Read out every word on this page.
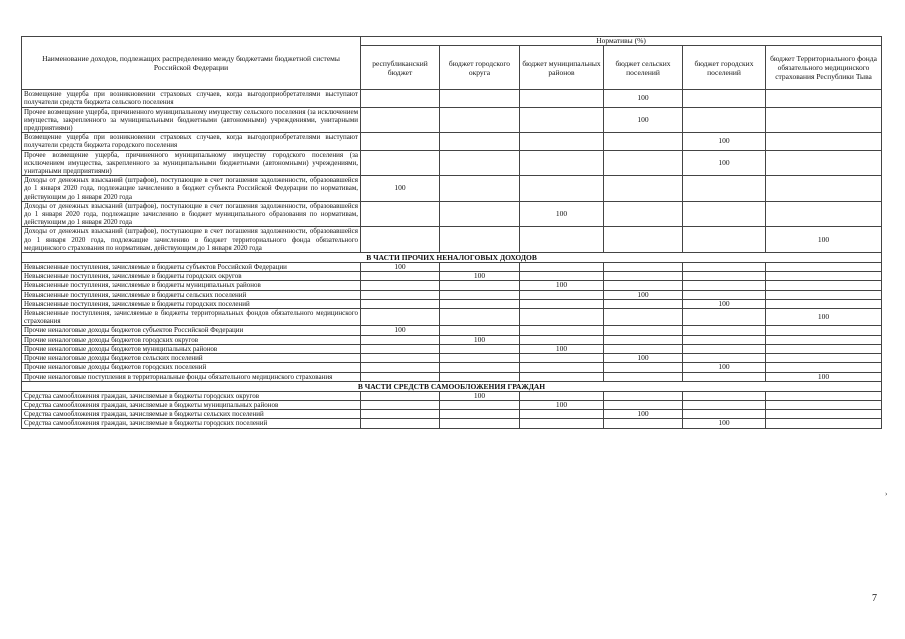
Наименование доходов, подлежащих распределению между бюджетами бюджетной системы Российской Федерации	Нормативы (%)					
	республиканский бюджет	бюджет городского округа	бюджет муниципальных районов	бюджет сельских поселений	бюджет городских поселений	бюджет Территориального фонда обязательного медицинского страхования Республики Тыва
Возмещение ущерба при возникновении страховых случаев, когда выгодоприобретателями выступают получатели средств бюджета сельского поселения				100		
Прочее возмещение ущерба, причиненного муниципальному имуществу сельского поселения (за исключением имущества, закрепленного за муниципальными бюджетными (автономными) учреждениями, унитарными предприятиями)				100		
Возмещение ущерба при возникновении страховых случаев, когда выгодоприобретателями выступают получатели средств бюджета городского поселения					100	
Прочее возмещение ущерба, причиненного муниципальному имуществу городского поселения (за исключением имущества, закрепленного за муниципальными бюджетными (автономными) учреждениями, унитарными предприятиями)					100	
Доходы от денежных взысканий (штрафов), поступающие в счет погашения задолженности, образовавшейся до 1 января 2020 года, подлежащие зачислению в бюджет субъекта Российской Федерации по нормативам, действующим до 1 января 2020 года	100					
Доходы от денежных взысканий (штрафов), поступающие в счет погашения задолженности, образовавшейся до 1 января 2020 года, подлежащие зачислению в бюджет муниципального образования по нормативам, действующим до 1 января 2020 года			100			
Доходы от денежных взысканий (штрафов), поступающие в счет погашения задолженности, образовавшейся до 1 января 2020 года, подлежащие зачислению в бюджет территориального фонда обязательного медицинского страхования по нормативам, действующим до 1 января 2020 года						100
В ЧАСТИ ПРОЧИХ НЕНАЛОГОВЫХ ДОХОДОВ						
Невыясненные поступления, зачисляемые в бюджеты субъектов Российской Федерации	100					
Невыясненные поступления, зачисляемые в бюджеты городских округов		100				
Невыясненные поступления, зачисляемые в бюджеты муниципальных районов			100			
Невыясненные поступления, зачисляемые в бюджеты сельских поселений				100		
Невыясненные поступления, зачисляемые в бюджеты городских поселений					100	
Невыясненные поступления, зачисляемые в бюджеты территориальных фондов обязательного медицинского страхования						100
Прочие неналоговые доходы бюджетов субъектов Российской Федерации	100					
Прочие неналоговые доходы бюджетов городских округов		100				
Прочие неналоговые доходы бюджетов муниципальных районов			100			
Прочие неналоговые доходы бюджетов сельских поселений				100		
Прочие неналоговые доходы бюджетов городских поселений					100	
Прочие неналоговые поступления в территориальные фонды обязательного медицинского страхования						100
В ЧАСТИ СРЕДСТВ САМООБЛОЖЕНИЯ ГРАЖДАН						
Средства самообложения граждан, зачисляемые в бюджеты городских округов		100				
Средства самообложения граждан, зачисляемые в бюджеты муниципальных районов			100			
Средства самообложения граждан, зачисляемые в бюджеты сельских поселений				100		
Средства самообложения граждан, зачисляемые в бюджеты городских поселений					100	
7
›
